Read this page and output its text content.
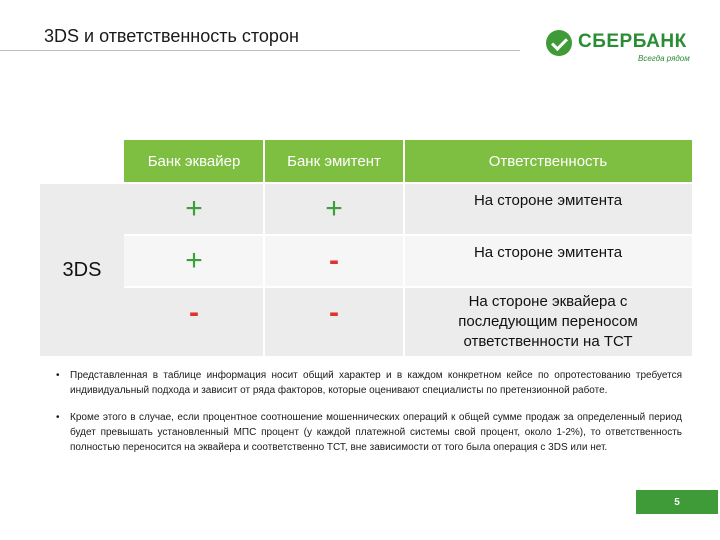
3DS и ответственность сторон	СБЕРБАНК
Всегда рядом
Банк эквайер	Банк эмитент	Ответственность
3DS
+	+	На стороне эмитента
+	-	На стороне эмитента
-	-	На стороне эквайера с последующим переносом ответственности на ТСТ
• Представленная в таблице информация носит общий характер и в каждом конкретном кейсе по опротестованию требуется индивидуальный подхода и зависит от ряда факторов, которые оценивают специалисты по претензионной работе.
• Кроме этого в случае, если процентное соотношение мошеннических операций к общей сумме продаж за определенный период будет превышать установленный МПС процент (у каждой платежной системы свой процент, около 1-2%), то ответственность полностью переносится на эквайера и соответственно ТСТ, вне зависимости от того была операция с 3DS или нет.
5
